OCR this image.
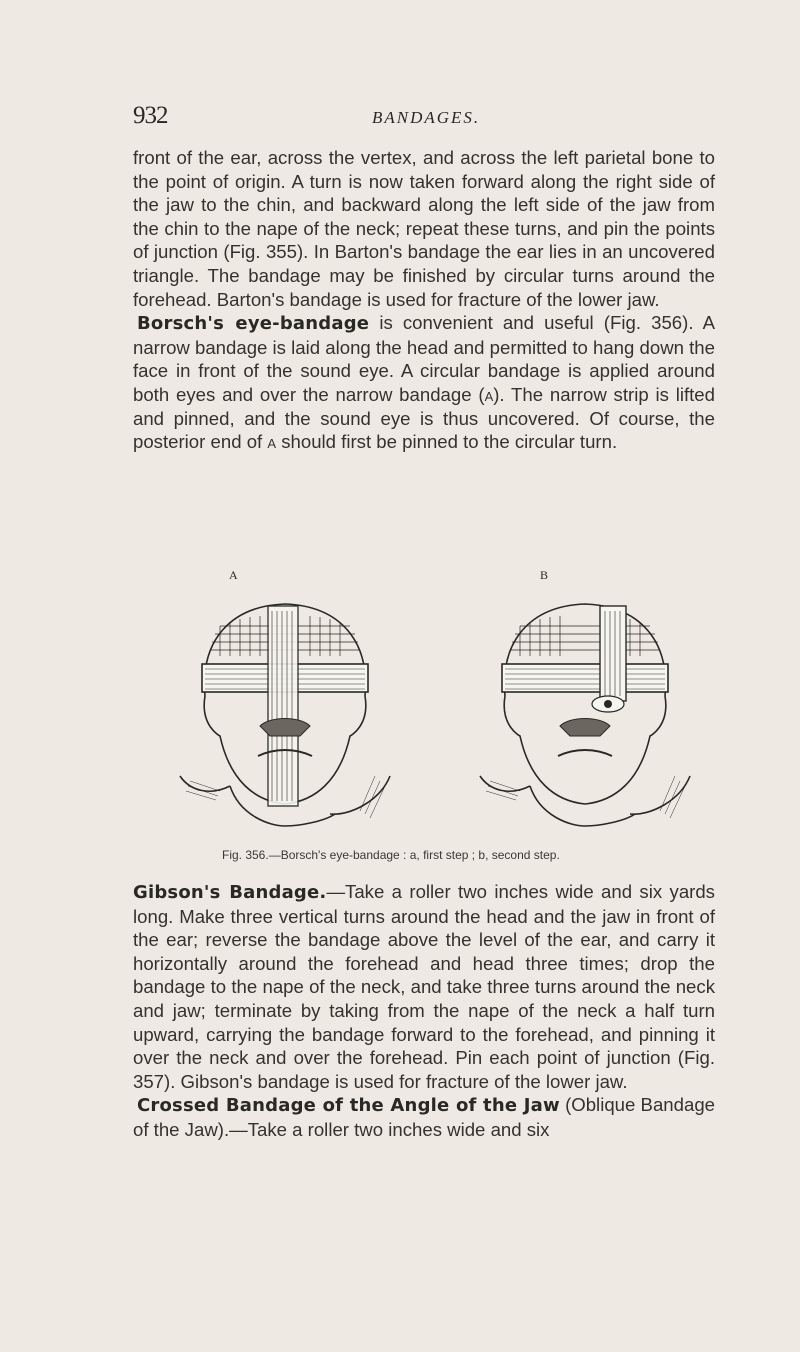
932	BANDAGES.

front of the ear, across the vertex, and across the left parietal bone to the point of origin. A turn is now taken forward along the right side of the jaw to the chin, and backward along the left side of the jaw from the chin to the nape of the neck; repeat these turns, and pin the points of junction (Fig. 355). In Barton's bandage the ear lies in an uncovered triangle. The bandage may be finished by circular turns around the forehead. Barton's bandage is used for fracture of the lower jaw.

Borsch's eye-bandage is convenient and useful (Fig. 356). A narrow bandage is laid along the head and permitted to hang down the face in front of the sound eye. A circular bandage is applied around both eyes and over the narrow bandage (a). The narrow strip is lifted and pinned, and the sound eye is thus uncovered. Of course, the posterior end of a should first be pinned to the circular turn.

A	B
Fig. 356.—Borsch's eye-bandage : a, first step ; b, second step.

Gibson's Bandage.—Take a roller two inches wide and six yards long. Make three vertical turns around the head and the jaw in front of the ear; reverse the bandage above the level of the ear, and carry it horizontally around the forehead and head three times; drop the bandage to the nape of the neck, and take three turns around the neck and jaw; terminate by taking from the nape of the neck a half turn upward, carrying the bandage forward to the forehead, and pinning it over the neck and over the forehead. Pin each point of junction (Fig. 357). Gibson's bandage is used for fracture of the lower jaw.

Crossed Bandage of the Angle of the Jaw (Oblique Bandage of the Jaw).—Take a roller two inches wide and six
